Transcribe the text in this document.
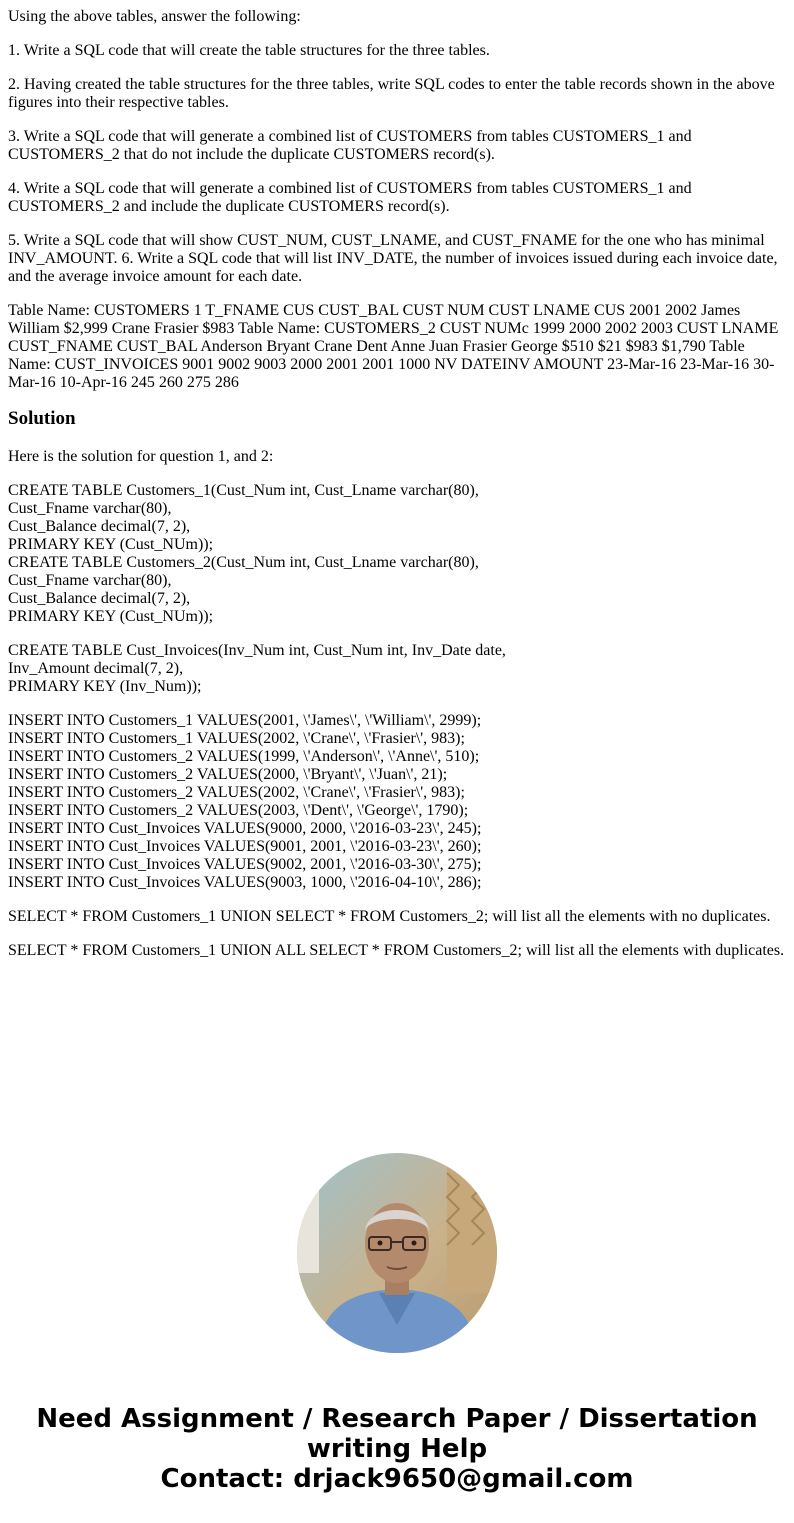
Using the above tables, answer the following:

1. Write a SQL code that will create the table structures for the three tables.

2. Having created the table structures for the three tables, write SQL codes to enter the table records shown in the above figures into their respective tables.

3. Write a SQL code that will generate a combined list of CUSTOMERS from tables CUSTOMERS_1 and CUSTOMERS_2 that do not include the duplicate CUSTOMERS record(s).

4. Write a SQL code that will generate a combined list of CUSTOMERS from tables CUSTOMERS_1 and CUSTOMERS_2 and include the duplicate CUSTOMERS record(s).

5. Write a SQL code that will show CUST_NUM, CUST_LNAME, and CUST_FNAME for the one who has minimal INV_AMOUNT. 6. Write a SQL code that will list INV_DATE, the number of invoices issued during each invoice date, and the average invoice amount for each date.

Table Name: CUSTOMERS 1 T_FNAME CUS CUST_BAL CUST NUM CUST LNAME CUS 2001 2002 James William $2,999 Crane Frasier $983 Table Name: CUSTOMERS_2 CUST NUMc 1999 2000 2002 2003 CUST LNAME CUST_FNAME CUST_BAL Anderson Bryant Crane Dent Anne Juan Frasier George $510 $21 $983 $1,790 Table Name: CUST_INVOICES 9001 9002 9003 2000 2001 2001 1000 NV DATEINV AMOUNT 23-Mar-16 23-Mar-16 30-Mar-16 10-Apr-16 245 260 275 286

Solution

Here is the solution for question 1, and 2:

CREATE TABLE Customers_1(Cust_Num int, Cust_Lname varchar(80),
Cust_Fname varchar(80),
Cust_Balance decimal(7, 2),
PRIMARY KEY (Cust_NUm));
CREATE TABLE Customers_2(Cust_Num int, Cust_Lname varchar(80),
Cust_Fname varchar(80),
Cust_Balance decimal(7, 2),
PRIMARY KEY (Cust_NUm));
CREATE TABLE Cust_Invoices(Inv_Num int, Cust_Num int, Inv_Date date,
Inv_Amount decimal(7, 2),
PRIMARY KEY (Inv_Num));
INSERT INTO Customers_1 VALUES(2001, \'James\', \'William\', 2999);
INSERT INTO Customers_1 VALUES(2002, \'Crane\', \'Frasier\', 983);
INSERT INTO Customers_2 VALUES(1999, \'Anderson\', \'Anne\', 510);
INSERT INTO Customers_2 VALUES(2000, \'Bryant\', \'Juan\', 21);
INSERT INTO Customers_2 VALUES(2002, \'Crane\', \'Frasier\', 983);
INSERT INTO Customers_2 VALUES(2003, \'Dent\', \'George\', 1790);
INSERT INTO Cust_Invoices VALUES(9000, 2000, \'2016-03-23\', 245);
INSERT INTO Cust_Invoices VALUES(9001, 2001, \'2016-03-23\', 260);
INSERT INTO Cust_Invoices VALUES(9002, 2001, \'2016-03-30\', 275);
INSERT INTO Cust_Invoices VALUES(9003, 1000, \'2016-04-10\', 286);

SELECT * FROM Customers_1 UNION SELECT * FROM Customers_2; will list all the elements with no duplicates.

SELECT * FROM Customers_1 UNION ALL SELECT * FROM Customers_2; will list all the elements with duplicates.

Need Assignment / Research Paper / Dissertation
writing Help
Contact: drjack9650@gmail.com
